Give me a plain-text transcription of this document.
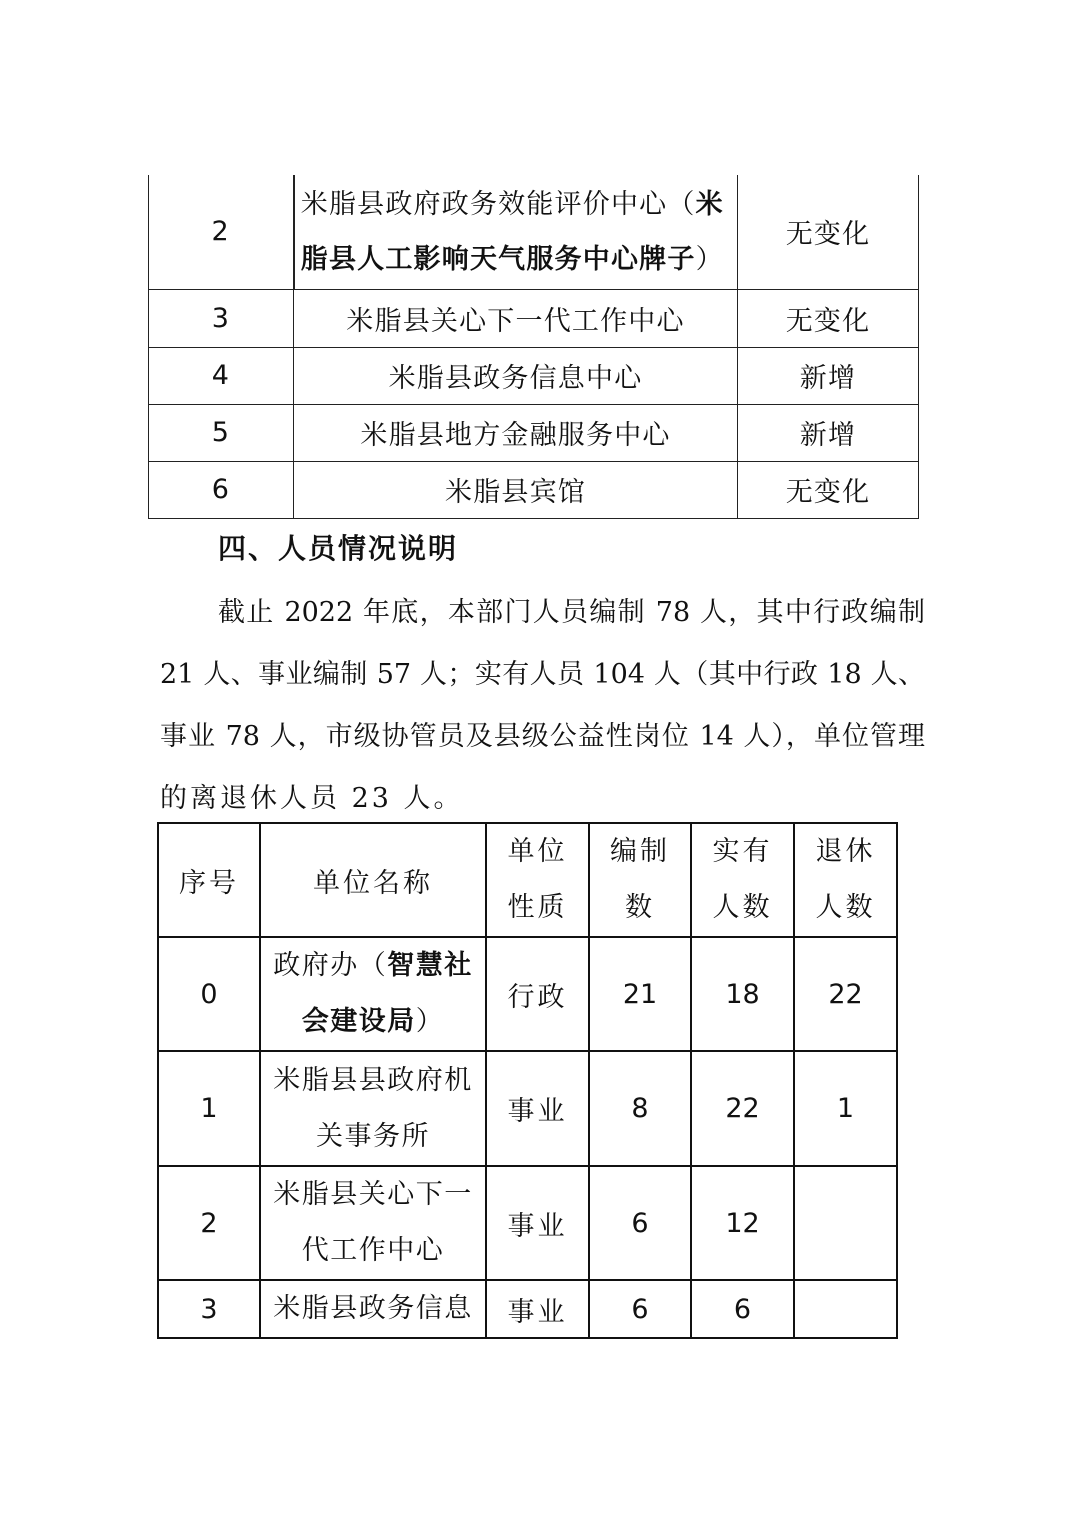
2	米脂县政府政务效能评价中心（米脂县人工影响天气服务中心牌子）	无变化
3	米脂县关心下一代工作中心	无变化
4	米脂县政务信息中心	新增
5	米脂县地方金融服务中心	新增
6	米脂县宾馆	无变化
四、人员情况说明
截止 2022 年底，本部门人员编制 78 人，其中行政编制
21 人、事业编制 57 人；实有人员 104 人（其中行政 18 人、
事业 78 人，市级协管员及县级公益性岗位 14 人），单位管理
的离退休人员 23 人。
序号	单位名称	单位性质	编制数	实有人数	退休人数
0	政府办（智慧社会建设局）	行政	21	18	22
1	米脂县县政府机关事务所	事业	8	22	1
2	米脂县关心下一代工作中心	事业	6	12	
3	米脂县政务信息	事业	6	6	
